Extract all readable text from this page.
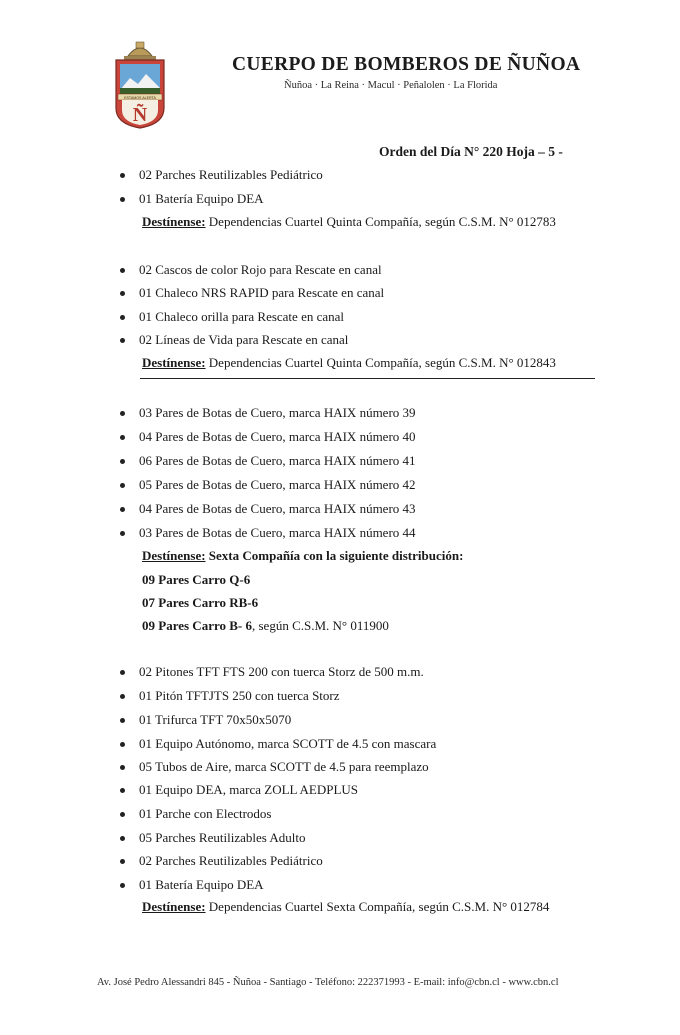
ESTAMOS ALERTA
Ñ
CUERPO DE BOMBEROS DE ÑUÑOA
Ñuñoa · La Reina · Macul · Peñalolen · La Florida
Orden del Día N° 220 Hoja – 5 -
02 Parches Reutilizables Pediátrico
01 Batería Equipo DEA
Destínense: Dependencias Cuartel Quinta Compañía, según C.S.M. N° 012783
02 Cascos de color Rojo para Rescate en canal
01 Chaleco NRS RAPID para Rescate en canal
01 Chaleco orilla para Rescate en canal
02 Líneas de Vida para Rescate en canal
Destínense: Dependencias Cuartel Quinta Compañía, según C.S.M. N° 012843
03 Pares de Botas de Cuero, marca HAIX número 39
04 Pares de Botas de Cuero, marca HAIX número 40
06 Pares de Botas de Cuero, marca HAIX número 41
05 Pares de Botas de Cuero, marca HAIX número 42
04 Pares de Botas de Cuero, marca HAIX número 43
03 Pares de Botas de Cuero, marca HAIX número 44
Destínense: Sexta Compañía con la siguiente distribución:
09 Pares Carro Q-6
07 Pares Carro RB-6
09 Pares Carro B- 6, según C.S.M. N° 011900
02 Pitones TFT FTS 200 con tuerca Storz de 500 m.m.
01 Pitón TFTJTS 250 con tuerca Storz
01 Trifurca TFT 70x50x5070
01 Equipo Autónomo, marca SCOTT de 4.5 con mascara
05 Tubos de Aire, marca SCOTT de 4.5 para reemplazo
01 Equipo DEA, marca ZOLL AEDPLUS
01 Parche con Electrodos
05 Parches Reutilizables Adulto
02 Parches Reutilizables Pediátrico
01 Batería Equipo DEA
Destínense: Dependencias Cuartel Sexta Compañía, según C.S.M. N° 012784
Av. José Pedro Alessandri 845 - Ñuñoa - Santiago - Teléfono: 222371993 - E-mail: info@cbn.cl - www.cbn.cl
